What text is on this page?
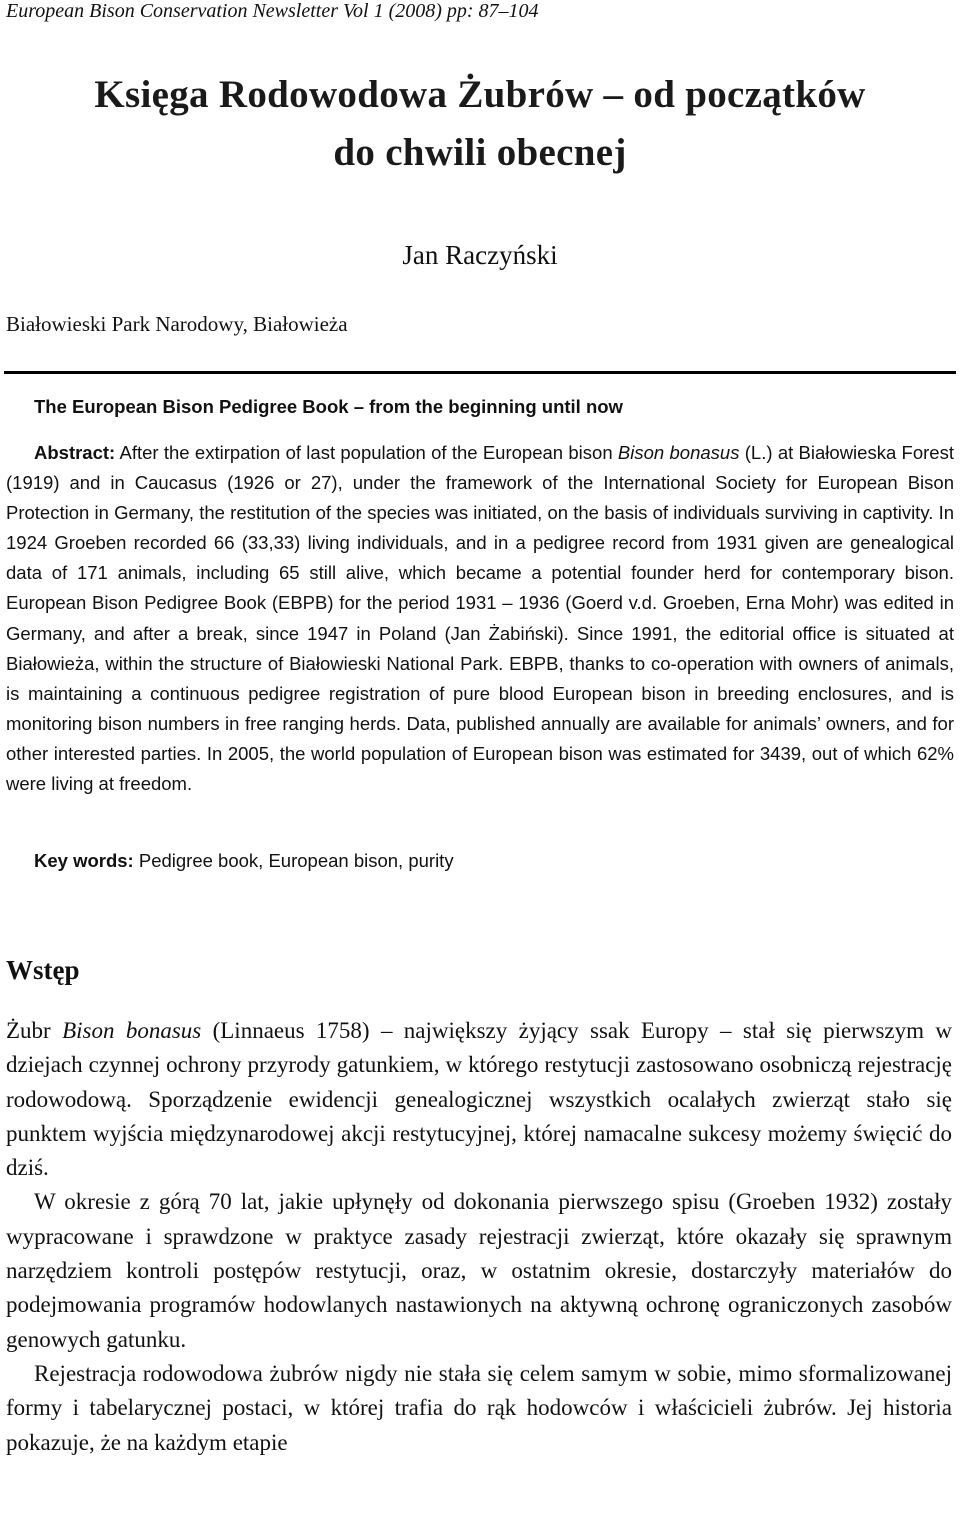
European Bison Conservation Newsletter Vol 1 (2008) pp: 87–104
Księga Rodowodowa Żubrów – od początków
do chwili obecnej
Jan Raczyński
Białowieski Park Narodowy, Białowieża
The European Bison Pedigree Book – from the beginning until now
Abstract: After the extirpation of last population of the European bison Bison bonasus (L.) at Białowieska Forest (1919) and in Caucasus (1926 or 27), under the framework of the International Society for European Bison Protection in Germany, the restitution of the species was initiated, on the basis of individuals surviving in captivity. In 1924 Groeben recorded 66 (33,33) living individuals, and in a pedigree record from 1931 given are genealogical data of 171 animals, including 65 still alive, which became a potential founder herd for contemporary bison. European Bison Pedigree Book (EBPB) for the period 1931 – 1936 (Goerd v.d. Groeben, Erna Mohr) was edited in Germany, and after a break, since 1947 in Poland (Jan Żabiński). Since 1991, the editorial office is situated at Białowieża, within the structure of Białowieski National Park. EBPB, thanks to co-operation with owners of animals, is maintaining a continuous pedigree registration of pure blood European bison in breeding enclosures, and is monitoring bison numbers in free ranging herds. Data, published annually are available for animals’ owners, and for other interested parties. In 2005, the world population of European bison was estimated for 3439, out of which 62% were living at freedom.
Key words: Pedigree book, European bison, purity
Wstęp

Żubr Bison bonasus (Linnaeus 1758) – największy żyjący ssak Europy – stał się pierwszym w dziejach czynnej ochrony przyrody gatunkiem, w którego restytucji zastosowano osobniczą rejestrację rodowodową. Sporządzenie ewidencji genealogicznej wszystkich ocalałych zwierząt stało się punktem wyjścia międzynarodowej akcji restytucyjnej, której namacalne sukcesy możemy święcić do dziś.

W okresie z górą 70 lat, jakie upłynęły od dokonania pierwszego spisu (Groeben 1932) zostały wypracowane i sprawdzone w praktyce zasady rejestracji zwierząt, które okazały się sprawnym narzędziem kontroli postępów restytucji, oraz, w ostatnim okresie, dostarczyły materiałów do podejmowania programów hodowlanych nastawionych na aktywną ochronę ograniczonych zasobów genowych gatunku.

Rejestracja rodowodowa żubrów nigdy nie stała się celem samym w sobie, mimo sformalizowanej formy i tabelarycznej postaci, w której trafia do rąk hodowców i właścicieli żubrów. Jej historia pokazuje, że na każdym etapie
